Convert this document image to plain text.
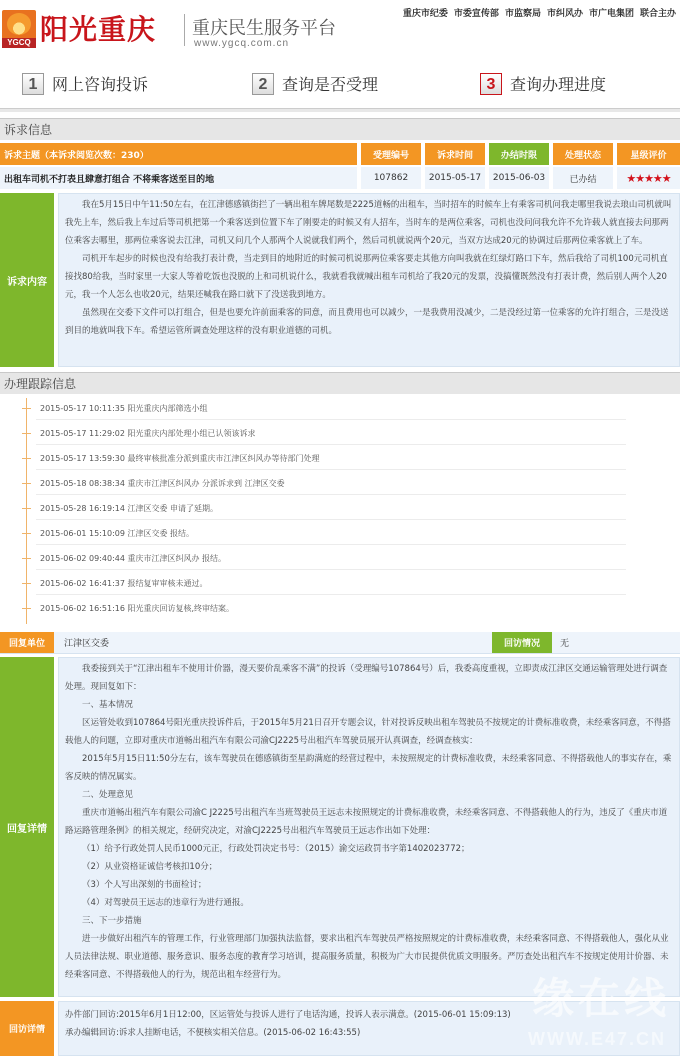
YGCQ 阳光重庆 重庆民生服务平台
www.ygcq.com.cn
重庆市纪委 市委宣传部 市监察局 市纠风办 市广电集团 联合主办
1 网上咨询投诉	2 查询是否受理	3 查询办理进度
诉求信息
诉求主题（本诉求阅览次数：230）	受理编号	诉求时间	办结时限	处理状态	星级评价
出租车司机不打表且肆意打组合 不将乘客送至目的地	107862	2015-05-17	2015-06-03	已办结	★★★★★
诉求内容

我在5月15日中午11:50左右，在江津德感镇街拦了一辆出租车牌尾数是2225道畅的出租车，当时招车的时候车上有乘客司机问我走哪里我说去琅山司机就叫我先上车，然后我上车过后等司机把第一个乘客送到位置下车了刚要走的时候又有人招车，当时车的是两位乘客，司机也没问问我允许不允许载人就直接去问那两位乘客去哪里，那两位乘客说去江津，司机又问几个人那两个人说就我们两个，然后司机就说两个20元，当双方达成20元的协调过后那两位乘客就上了车。

司机开车起步的时候也没有给我打表计费，当走到目的地附近的时候司机说那两位乘客要走其他方向叫我就在红绿灯路口下车，然后我给了司机100元司机直接找80给我，当时家里一大家人等着吃饭也没脱的上和司机说什么，我就看我就喊出租车司机给了我20元的发票，没搞懂既然没有打表计费，然后别人两个人20元，我一个人怎么也收20元，结果还喊我在路口就下了没送我到地方。

虽然现在交委下文件可以打组合，但是也要允许前面乘客的同意，而且费用也可以减少，一是我费用没减少，二是没经过第一位乘客的允许打组合，三是没送到目的地就叫我下车。希望运管所调查处理这样的没有职业道德的司机。

办理跟踪信息
2015-05-17 10:11:35 阳光重庆内部筛选小组
2015-05-17 11:29:02 阳光重庆内部处理小组已认领该诉求
2015-05-17 13:59:30 最终审核批准分派到重庆市江津区纠风办等待部门处理
2015-05-18 08:38:34 重庆市江津区纠风办 分派诉求到 江津区交委
2015-05-28 16:19:14 江津区交委 申请了延期。
2015-06-01 15:10:09 江津区交委 报结。
2015-06-02 09:40:44 重庆市江津区纠风办 报结。
2015-06-02 16:41:37 报结复审审核未通过。
2015-06-02 16:51:16 阳光重庆回访复核,终审结案。
回复单位	江津区交委	回访情况	无
回复详情

我委接到关于“江津出租车不使用计价器，漫天要价乱乘客不满”的投诉（受理编号107864号）后，我委高度重视，立即责成江津区交通运输管理处进行调查处理。现回复如下：

一、基本情况

区运管处收到107864号阳光重庆投诉件后，于2015年5月21日召开专题会议，针对投诉反映出租车驾驶员不按规定的计费标准收费，未经乘客同意，不得搭载他人的问题，立即对重庆市道畅出租汽车有限公司渝CJ2225号出租汽车驾驶员展开认真调查，经调查核实：

2015年5月15日11:50分左右，该车驾驶员在德感镇街至星韵满庭的经营过程中，未按照规定的计费标准收费，未经乘客同意、不得搭载他人的事实存在，乘客反映的情况属实。

二、处理意见

重庆市道畅出租汽车有限公司渝C J2225号出租汽车当班驾驶员王远志未按照规定的计费标准收费，未经乘客同意、不得搭载他人的行为，违反了《重庆市道路运路管理条例》的相关规定，经研究决定，对渝CJ2225号出租汽车驾驶员王远志作出如下处理：

（1）给予行政处罚人民币1000元正，行政处罚决定书号：（2015）渝交运政罚书字第1402023772；

（2）从业资格证诚信考核扣10分；

（3）个人写出深刻的书面检讨；

（4）对驾驶员王远志的违章行为进行通报。

三、下一步措施

进一步做好出租汽车的管理工作，行业管理部门加强执法监督，要求出租汽车驾驶员严格按照规定的计费标准收费，未经乘客同意、不得搭载他人，强化从业人员法律法规、职业道德、服务意识、服务态度的教育学习培训，提高服务质量，积极为广大市民提供优质文明服务。严厉查处出租汽车不按规定使用计价器、未经乘客同意、不得搭载他人的行为，规范出租车经营行为。

回访详情

办件部门回访:2015年6月1日12:00，区运管处与投诉人进行了电话沟通，投诉人表示满意。(2015-06-01 15:09:13)

承办编辑回访:诉求人挂断电话，不便核实相关信息。(2015-06-02 16:43:55)

缘在线
WWW.E47.CN
